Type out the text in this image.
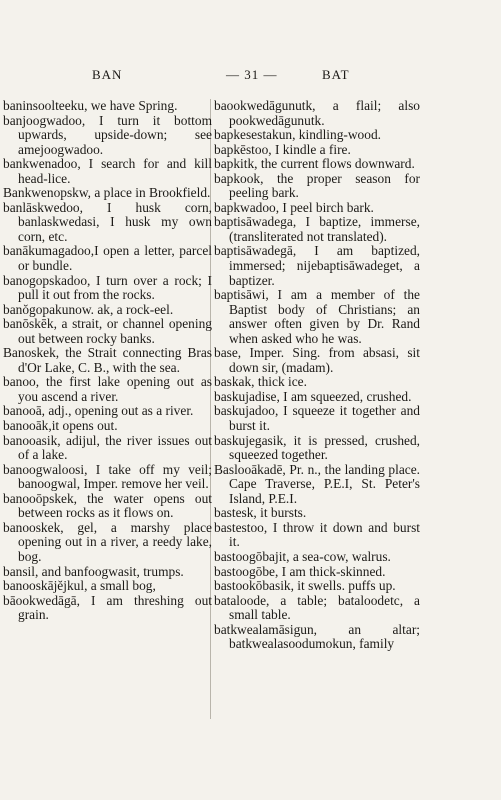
BAN	— 31 —	BAT

baninsoolteeku, we have Spring.

banjoogwadoo, I turn it bottom upwards, upside-down; see amejoogwadoo.

bankwenadoo, I search for and kill head-lice.

Bankwenopskw, a place in Brookfield.

banlāskwedoo, I husk corn, banlaskwedasi, I husk my own corn, etc.

banākumagadoo,I open a letter, parcel or bundle.

banogopskadoo, I turn over a rock; I pull it out from the rocks.

banŏgopakunow. ak, a rock-eel.

banōskēk, a strait, or channel opening out between rocky banks.

Banoskek, the Strait connecting Bras d'Or Lake, C. B., with the sea.

banoo, the first lake opening out as you ascend a river.

banooā, adj., opening out as a river.

banooāk,it opens out.

banooasik, adijul, the river issues out of a lake.

banoogwaloosi, I take off my veil; banoogwal, Imper. remove her veil.

banooōpskek, the water opens out between rocks as it flows on.

banooskek, gel, a marshy place opening out in a river, a reedy lake, bog.

bansil, and banfoogwasit, trumps.

banooskājĕjkul, a small bog,

bāookwedāgā, I am threshing out grain.

baookwedāgunutk, a flail; also pookwedāgunutk.

bapkesestakun, kindling-wood.

bapkēstoo, I kindle a fire.

bapkitk, the current flows downward.

bapkook, the proper season for peeling bark.

bapkwadoo, I peel birch bark.

baptisāwadega, I baptize, immerse, (transliterated not translated).

baptisāwadegā, I am baptized, immersed; nijebaptisāwadeget, a baptizer.

baptisāwi, I am a member of the Baptist body of Christians; an answer often given by Dr. Rand when asked who he was.

base, Imper. Sing. from absasi, sit down sir, (madam).

baskak, thick ice.

baskujadise, I am squeezed, crushed.

baskujadoo, I squeeze it together and burst it.

baskujegasik, it is pressed, crushed, squeezed together.

Baslooākadē, Pr. n., the landing place. Cape Traverse, P.E.I, St. Peter's Island, P.E.I.

bastesk, it bursts.

bastestoo, I throw it down and burst it.

bastoogōbajit, a sea-cow, walrus.

bastoogōbe, I am thick-skinned.

bastookōbasik, it swells. puffs up.

bataloode, a table; bataloodetc, a small table.

batkwealamāsigun, an altar; batkwealasoodumokun, family
